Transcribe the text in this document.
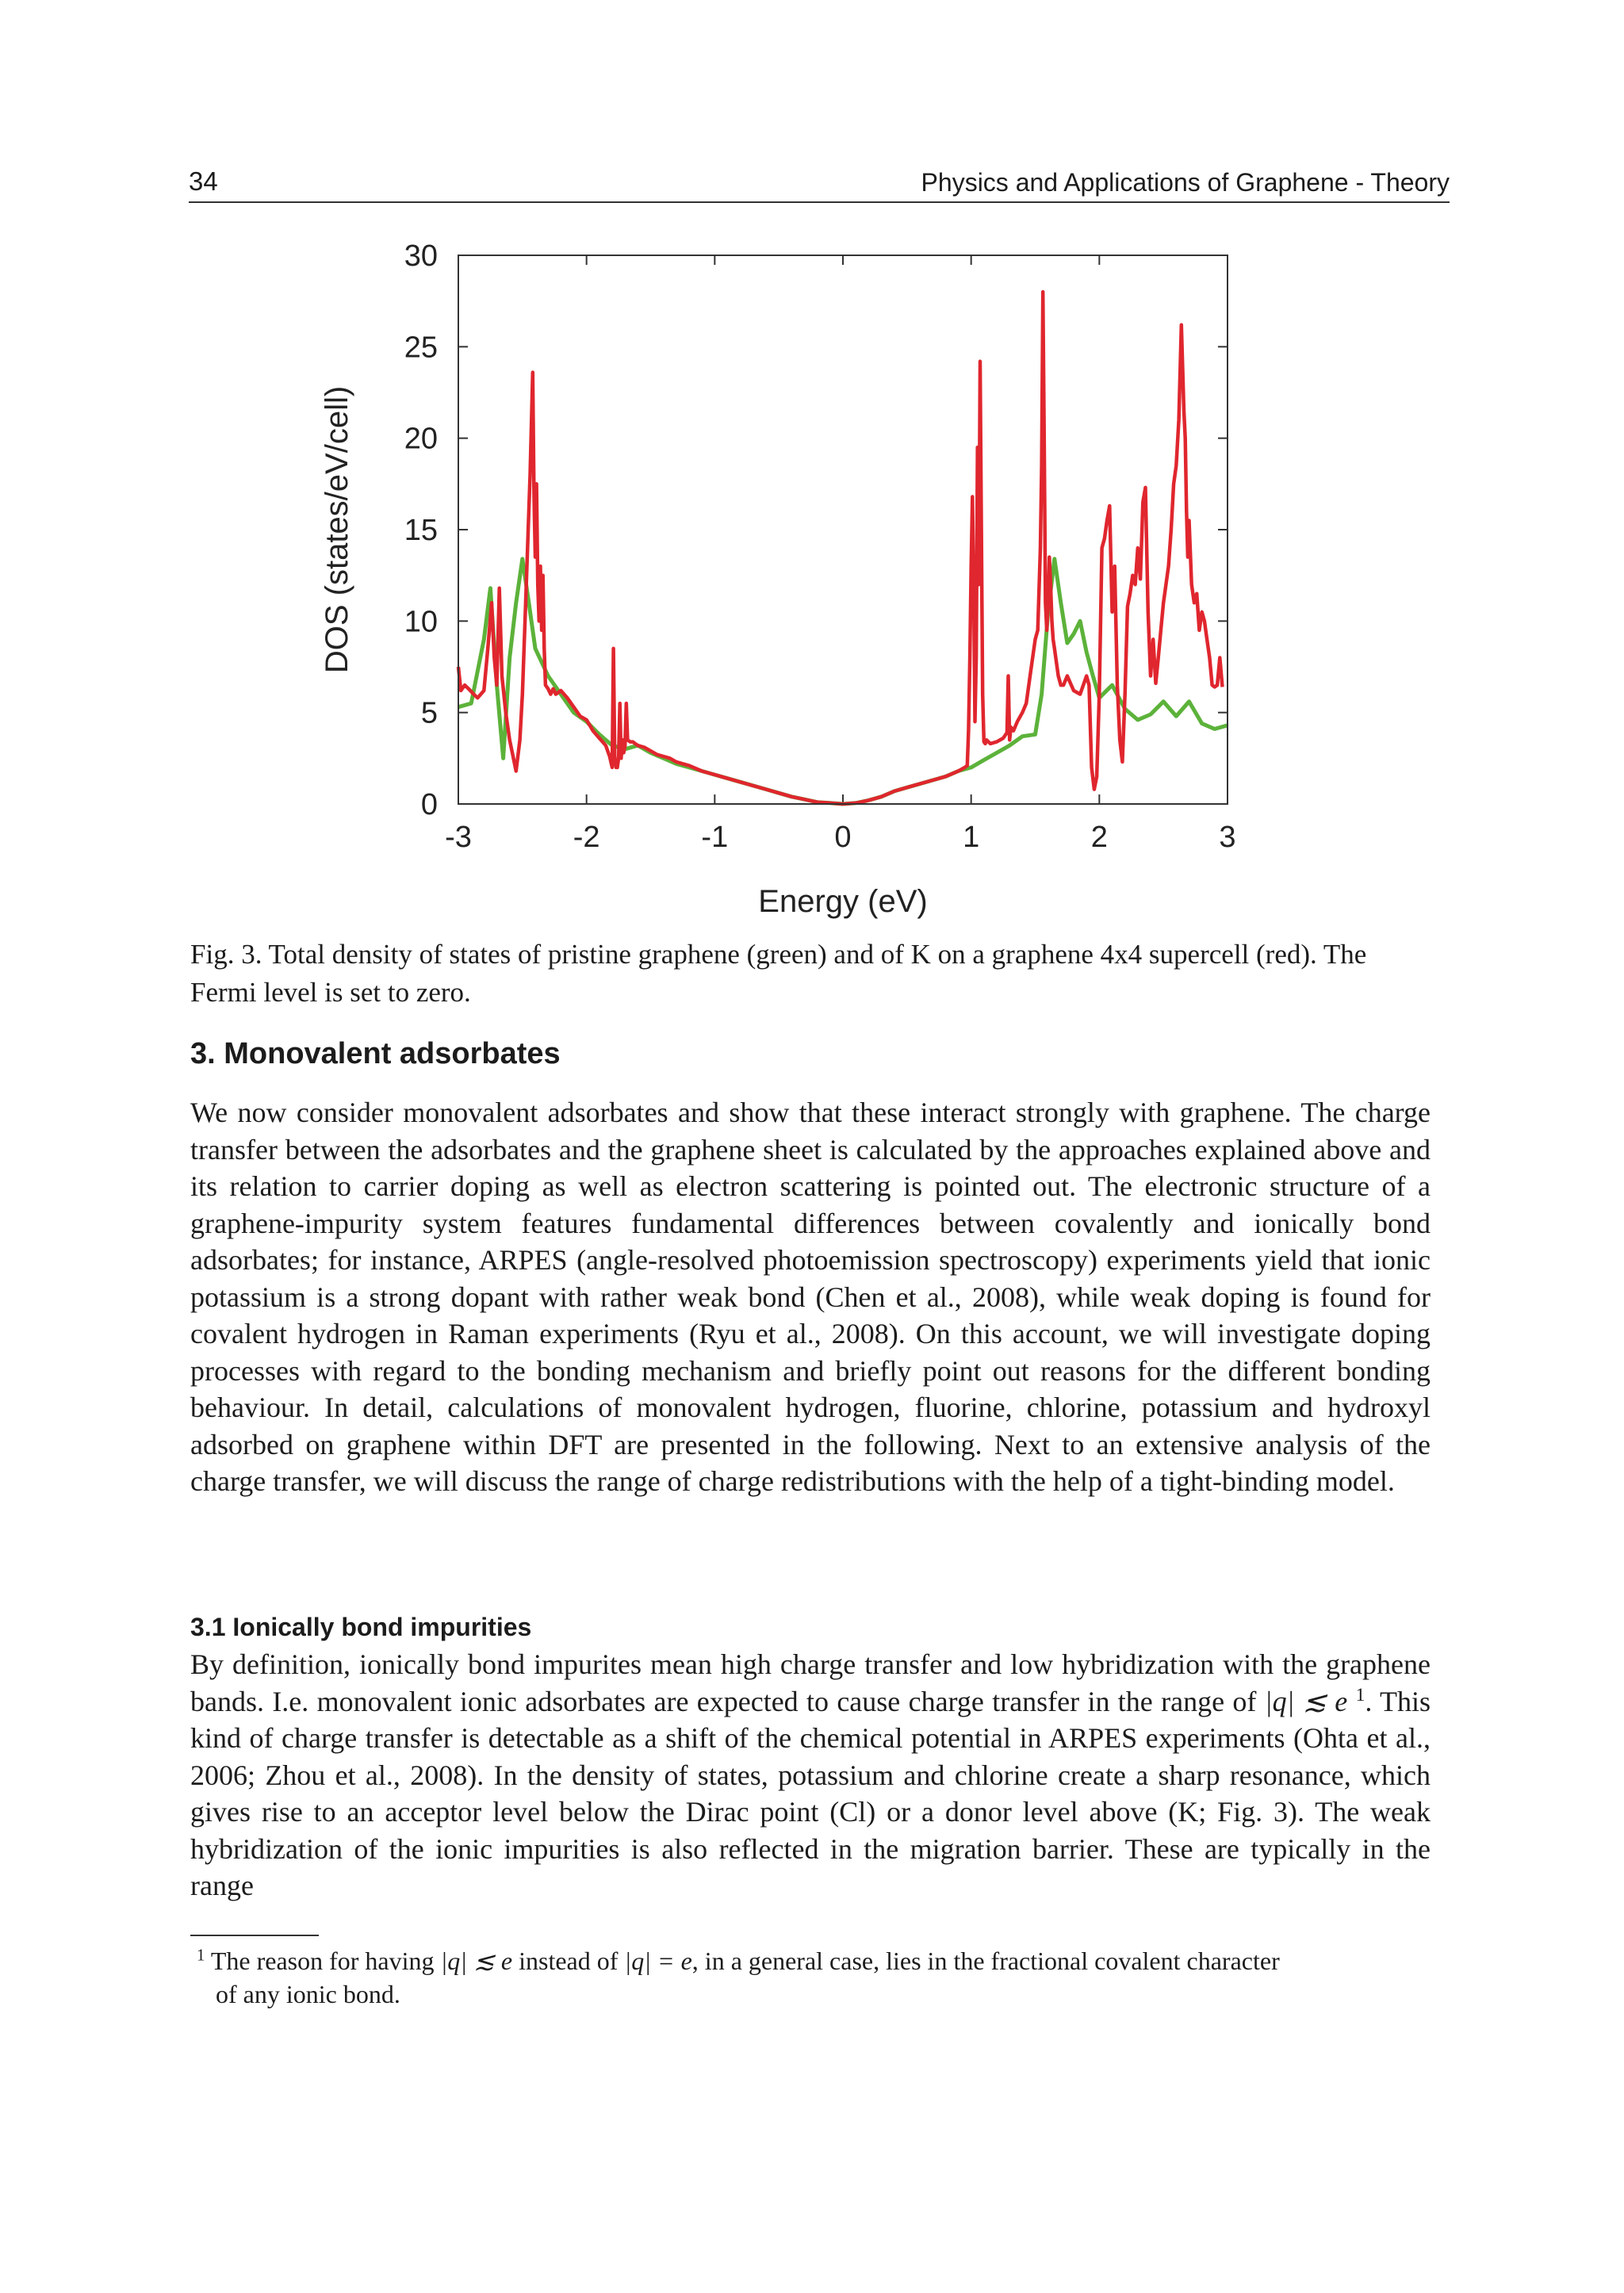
34	Physics and Applications of Graphene - Theory
-3	-2	-1	0	1	2	3
0
5
10
15
20
25
30
Energy (eV)
DOS (states/eV/cell)

Fig. 3. Total density of states of pristine graphene (green) and of K on a graphene 4x4 supercell (red). The Fermi level is set to zero.

3. Monovalent adsorbates

We now consider monovalent adsorbates and show that these interact strongly with graphene. The charge transfer between the adsorbates and the graphene sheet is calculated by the approaches explained above and its relation to carrier doping as well as electron scattering is pointed out. The electronic structure of a graphene-impurity system features fundamental differences between covalently and ionically bond adsorbates; for instance, ARPES (angle-resolved photoemission spectroscopy) experiments yield that ionic potassium is a strong dopant with rather weak bond (Chen et al., 2008), while weak doping is found for covalent hydrogen in Raman experiments (Ryu et al., 2008). On this account, we will investigate doping processes with regard to the bonding mechanism and briefly point out reasons for the different bonding behaviour. In detail, calculations of monovalent hydrogen, fluorine, chlorine, potassium and hydroxyl adsorbed on graphene within DFT are presented in the following. Next to an extensive analysis of the charge transfer, we will discuss the range of charge redistributions with the help of a tight-binding model.

3.1 Ionically bond impurities

By definition, ionically bond impurites mean high charge transfer and low hybridization with the graphene bands. I.e. monovalent ionic adsorbates are expected to cause charge transfer in the range of |q| ≲ e $^1$. This kind of charge transfer is detectable as a shift of the chemical potential in ARPES experiments (Ohta et al., 2006; Zhou et al., 2008). In the density of states, potassium and chlorine create a sharp resonance, which gives rise to an acceptor level below the Dirac point (Cl) or a donor level above (K; Fig. 3). The weak hybridization of the ionic impurities is also reflected in the migration barrier. These are typically in the range

$^1$ The reason for having |q| ≲ e instead of |q| = e, in a general case, lies in the fractional covalent character
of any ionic bond.
